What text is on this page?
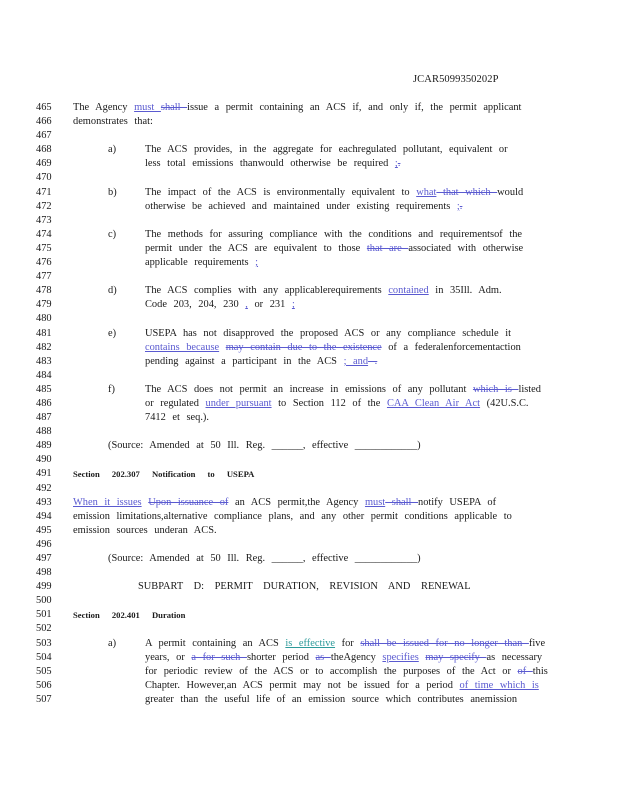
JCAR5099350202P
465	The Agency must shall issue a permit containing an ACS if, and only if, the permit applicant
466	demonstrates that:
467
468	a)	The ACS provides, in the aggregate for eachregulated pollutant, equivalent or
469	less total emissions thanwould otherwise be required ;.
470
471	b)	The impact of the ACS is environmentally equivalent to what that which would
472	otherwise be achieved and maintained under existing requirements ;.
473
474	c)	The methods for assuring compliance with the conditions and requirementsof the
475	permit under the ACS are equivalent to those that are associated with otherwise
476	applicable requirements ;
477
478	d)	The ACS complies with any applicablerequirements contained in 35Ill. Adm.
479	Code 203, 204, 230 , or 231 ;
480
481	e)	USEPA has not disapproved the proposed ACS or any compliance schedule it
482	contains because may contain due to the existence of a federalenforcementaction
483	pending against a participant in the ACS ; and .
484
485	f)	The ACS does not permit an increase in emissions of any pollutant which is listed
486	or regulated under pursuant to Section 112 of the CAA Clean Air Act (42U.S.C.
487	7412 et seq.).
488
489	(Source: Amended at 50 Ill. Reg. ______, effective ____________)
490
491	Section 202.307 Notification to USEPA
492
493	When it issues Upon issuance of an ACS permit,the Agency must shall notify USEPA of
494	emission limitations,alternative compliance plans, and any other permit conditions applicable to
495	emission sources underan ACS.
496
497	(Source: Amended at 50 Ill. Reg. ______, effective ____________)
498
499	SUBPART D: PERMIT DURATION, REVISION AND RENEWAL
500
501	Section 202.401 Duration
502
503	a)	A permit containing an ACS is effective for shall be issued for no longer than five
504	years, or a for such shorter period as theAgency specifies may specify as necessary
505	for periodic review of the ACS or to accomplish the purposes of the Act or of this
506	Chapter. However,an ACS permit may not be issued for a period of time which is
507	greater than the useful life of an emission source which contributes anemission
